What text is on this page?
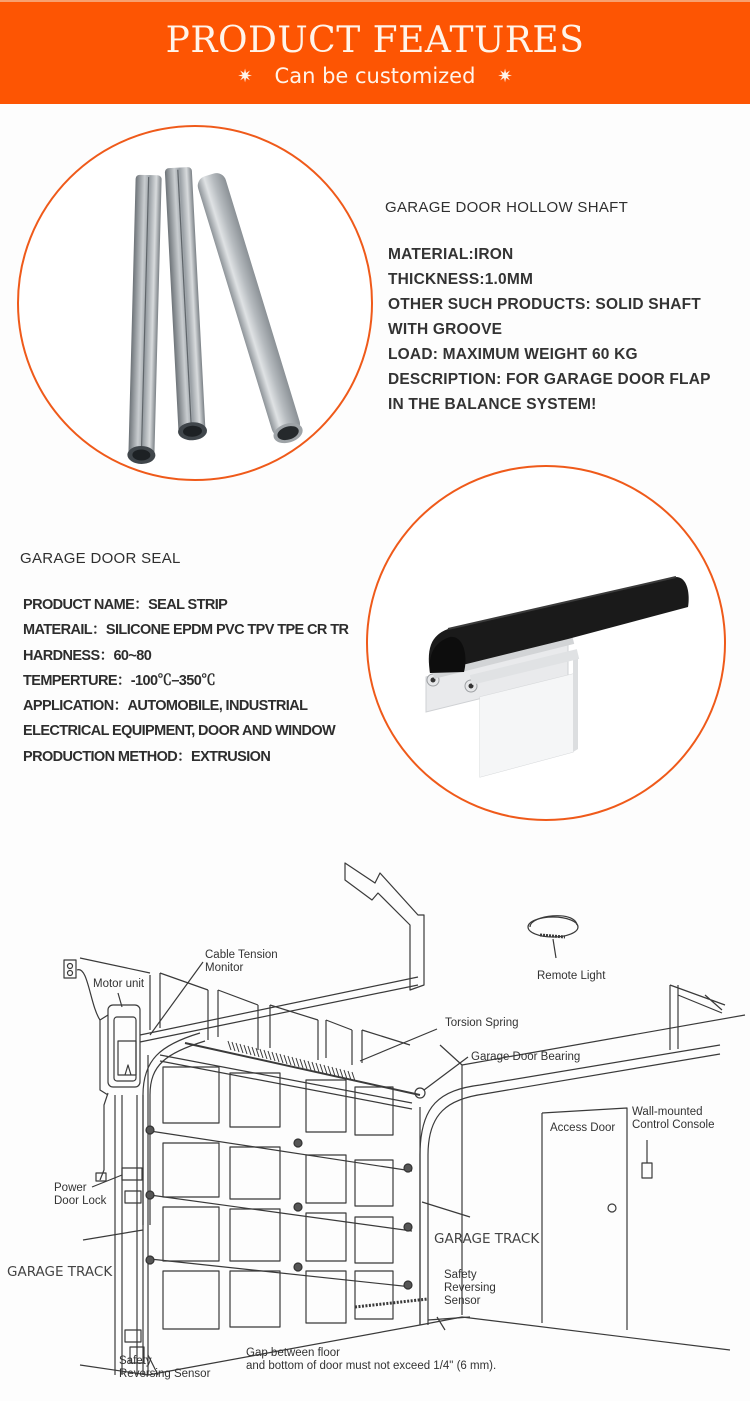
PRODUCT FEATURES
✷ Can be customized ✷
GARAGE DOOR HOLLOW SHAFT
MATERIAL:IRON
THICKNESS:1.0MM
OTHER SUCH PRODUCTS: SOLID SHAFT
WITH GROOVE
LOAD: MAXIMUM WEIGHT 60 KG
DESCRIPTION: FOR GARAGE DOOR FLAP
IN THE BALANCE SYSTEM!
GARAGE DOOR SEAL
PRODUCT NAME：SEAL STRIP
MATERAIL：SILICONE EPDM PVC TPV TPE CR TR
HARDNESS：60~80
TEMPERTURE：-100℃–350℃
APPLICATION：AUTOMOBILE, INDUSTRIAL
ELECTRICAL EQUIPMENT, DOOR AND WINDOW
PRODUCTION METHOD：EXTRUSION
Cable Tension
Monitor
Motor unit
Remote Light
Torsion Spring
Garage Door Bearing
Access Door
Wall-mounted
Control Console
Power
Door Lock
GARAGE TRACK
GARAGE TRACK
Safety
Reversing
Sensor
Safety
Reversing Sensor
Gap between floor
and bottom of door must not exceed 1/4" (6 mm).
